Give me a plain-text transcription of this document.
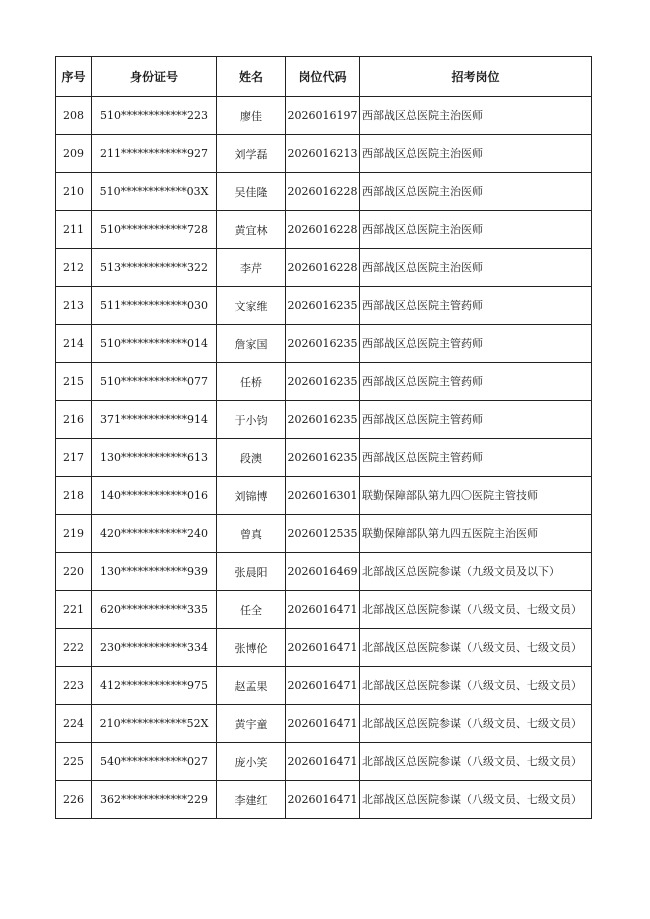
序号	身份证号	姓名	岗位代码	招考岗位
208	510************223	廖佳	2026016197	西部战区总医院主治医师
209	211************927	刘学磊	2026016213	西部战区总医院主治医师
210	510************03X	吴佳隆	2026016228	西部战区总医院主治医师
211	510************728	黄宜林	2026016228	西部战区总医院主治医师
212	513************322	李芹	2026016228	西部战区总医院主治医师
213	511************030	文家维	2026016235	西部战区总医院主管药师
214	510************014	詹家国	2026016235	西部战区总医院主管药师
215	510************077	任桥	2026016235	西部战区总医院主管药师
216	371************914	于小钧	2026016235	西部战区总医院主管药师
217	130************613	段澳	2026016235	西部战区总医院主管药师
218	140************016	刘锦博	2026016301	联勤保障部队第九四〇医院主管技师
219	420************240	曾真	2026012535	联勤保障部队第九四五医院主治医师
220	130************939	张晨阳	2026016469	北部战区总医院参谋（九级文员及以下）
221	620************335	任全	2026016471	北部战区总医院参谋（八级文员、七级文员）
222	230************334	张博伦	2026016471	北部战区总医院参谋（八级文员、七级文员）
223	412************975	赵孟果	2026016471	北部战区总医院参谋（八级文员、七级文员）
224	210************52X	黄宇童	2026016471	北部战区总医院参谋（八级文员、七级文员）
225	540************027	庞小笑	2026016471	北部战区总医院参谋（八级文员、七级文员）
226	362************229	李建红	2026016471	北部战区总医院参谋（八级文员、七级文员）
